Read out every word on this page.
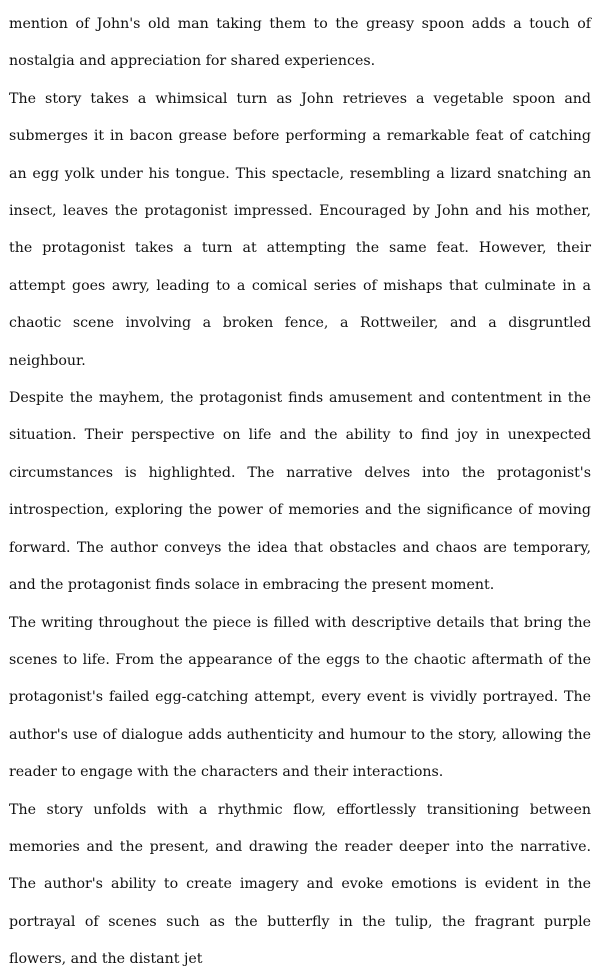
mention of John's old man taking them to the greasy spoon adds a touch of nostalgia and appreciation for shared experiences.

The story takes a whimsical turn as John retrieves a vegetable spoon and submerges it in bacon grease before performing a remarkable feat of catching an egg yolk under his tongue. This spectacle, resembling a lizard snatching an insect, leaves the protagonist impressed. Encouraged by John and his mother, the protagonist takes a turn at attempting the same feat. However, their attempt goes awry, leading to a comical series of mishaps that culminate in a chaotic scene involving a broken fence, a Rottweiler, and a disgruntled neighbour.

Despite the mayhem, the protagonist finds amusement and contentment in the situation. Their perspective on life and the ability to find joy in unexpected circumstances is highlighted. The narrative delves into the protagonist's introspection, exploring the power of memories and the significance of moving forward. The author conveys the idea that obstacles and chaos are temporary, and the protagonist finds solace in embracing the present moment.

The writing throughout the piece is filled with descriptive details that bring the scenes to life. From the appearance of the eggs to the chaotic aftermath of the protagonist's failed egg-catching attempt, every event is vividly portrayed. The author's use of dialogue adds authenticity and humour to the story, allowing the reader to engage with the characters and their interactions.

The story unfolds with a rhythmic flow, effortlessly transitioning between memories and the present, and drawing the reader deeper into the narrative. The author's ability to create imagery and evoke emotions is evident in the portrayal of scenes such as the butterfly in the tulip, the fragrant purple flowers, and the distant jet
